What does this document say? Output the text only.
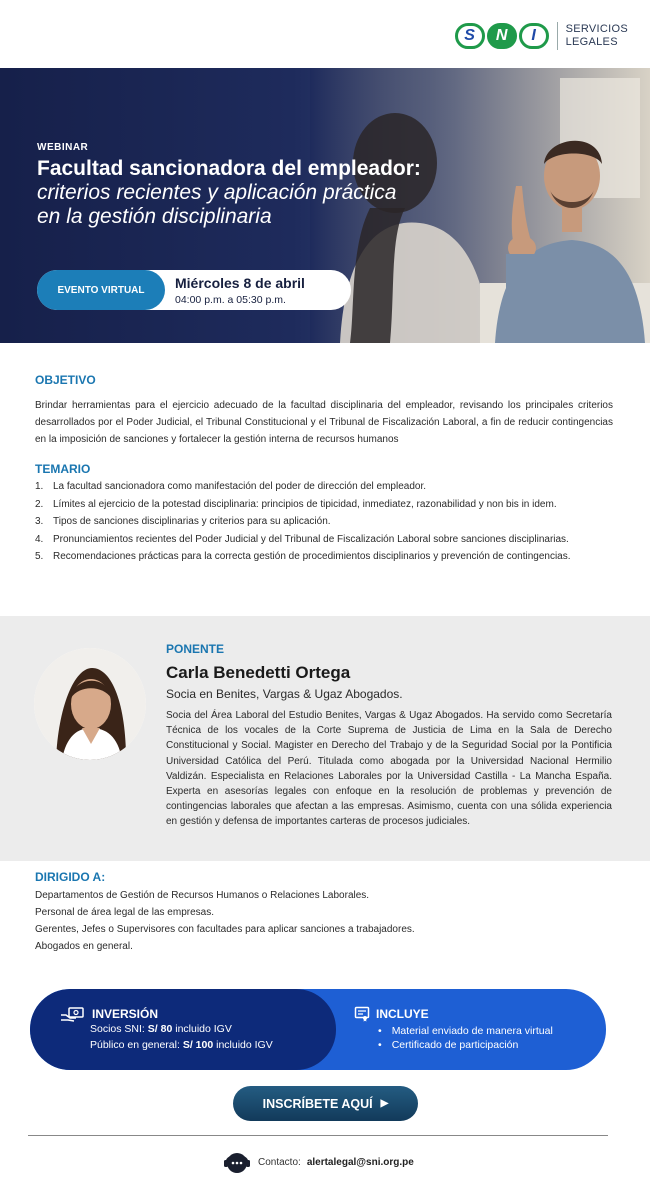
S	N	I	SERVICIOS
LEGALES
WEBINAR
Facultad sancionadora del empleador:
criterios recientes y aplicación práctica
en la gestión disciplinaria
EVENTO VIRTUAL	Miércoles 8 de abril
04:00 p.m. a 05:30 p.m.
OBJETIVO

Brindar herramientas para el ejercicio adecuado de la facultad disciplinaria del empleador, revisando los principales criterios desarrollados por el Poder Judicial, el Tribunal Constitucional y el Tribunal de Fiscalización Laboral, a fin de reducir contingencias en la imposición de sanciones y fortalecer la gestión interna de recursos humanos

TEMARIO
1. La facultad sancionadora como manifestación del poder de dirección del empleador.
2. Límites al ejercicio de la potestad disciplinaria: principios de tipicidad, inmediatez, razonabilidad y non bis in idem.
3. Tipos de sanciones disciplinarias y criterios para su aplicación.
4. Pronunciamientos recientes del Poder Judicial y del Tribunal de Fiscalización Laboral sobre sanciones disciplinarias.
5. Recomendaciones prácticas para la correcta gestión de procedimientos disciplinarios y prevención de contingencias.
PONENTE
Carla Benedetti Ortega
Socia en Benites, Vargas & Ugaz Abogados.

Socia del Área Laboral del Estudio Benites, Vargas & Ugaz Abogados. Ha servido como Secretaría Técnica de los vocales de la Corte Suprema de Justicia de Lima en la Sala de Derecho Constitucional y Social. Magister en Derecho del Trabajo y de la Seguridad Social por la Pontificia Universidad Católica del Perú. Titulada como abogada por la Universidad Nacional Hermilio Valdizán. Especialista en Relaciones Laborales por la Universidad Castilla - La Mancha España. Experta en asesorías legales con enfoque en la resolución de problemas y prevención de contingencias laborales que afectan a las empresas. Asimismo, cuenta con una sólida experiencia en gestión y defensa de importantes carteras de procesos judiciales.

DIRIGIDO A:
Departamentos de Gestión de Recursos Humanos o Relaciones Laborales.
Personal de área legal de las empresas.
Gerentes, Jefes o Supervisores con facultades para aplicar sanciones a trabajadores.
Abogados en general.
INVERSIÓN
Socios SNI: S/ 80 incluido IGV
Público en general: S/ 100 incluido IGV
INCLUYE
• Material enviado de manera virtual
• Certificado de participación
INSCRÍBETE AQUÍ ▶
Contacto: alertalegal@sni.org.pe
